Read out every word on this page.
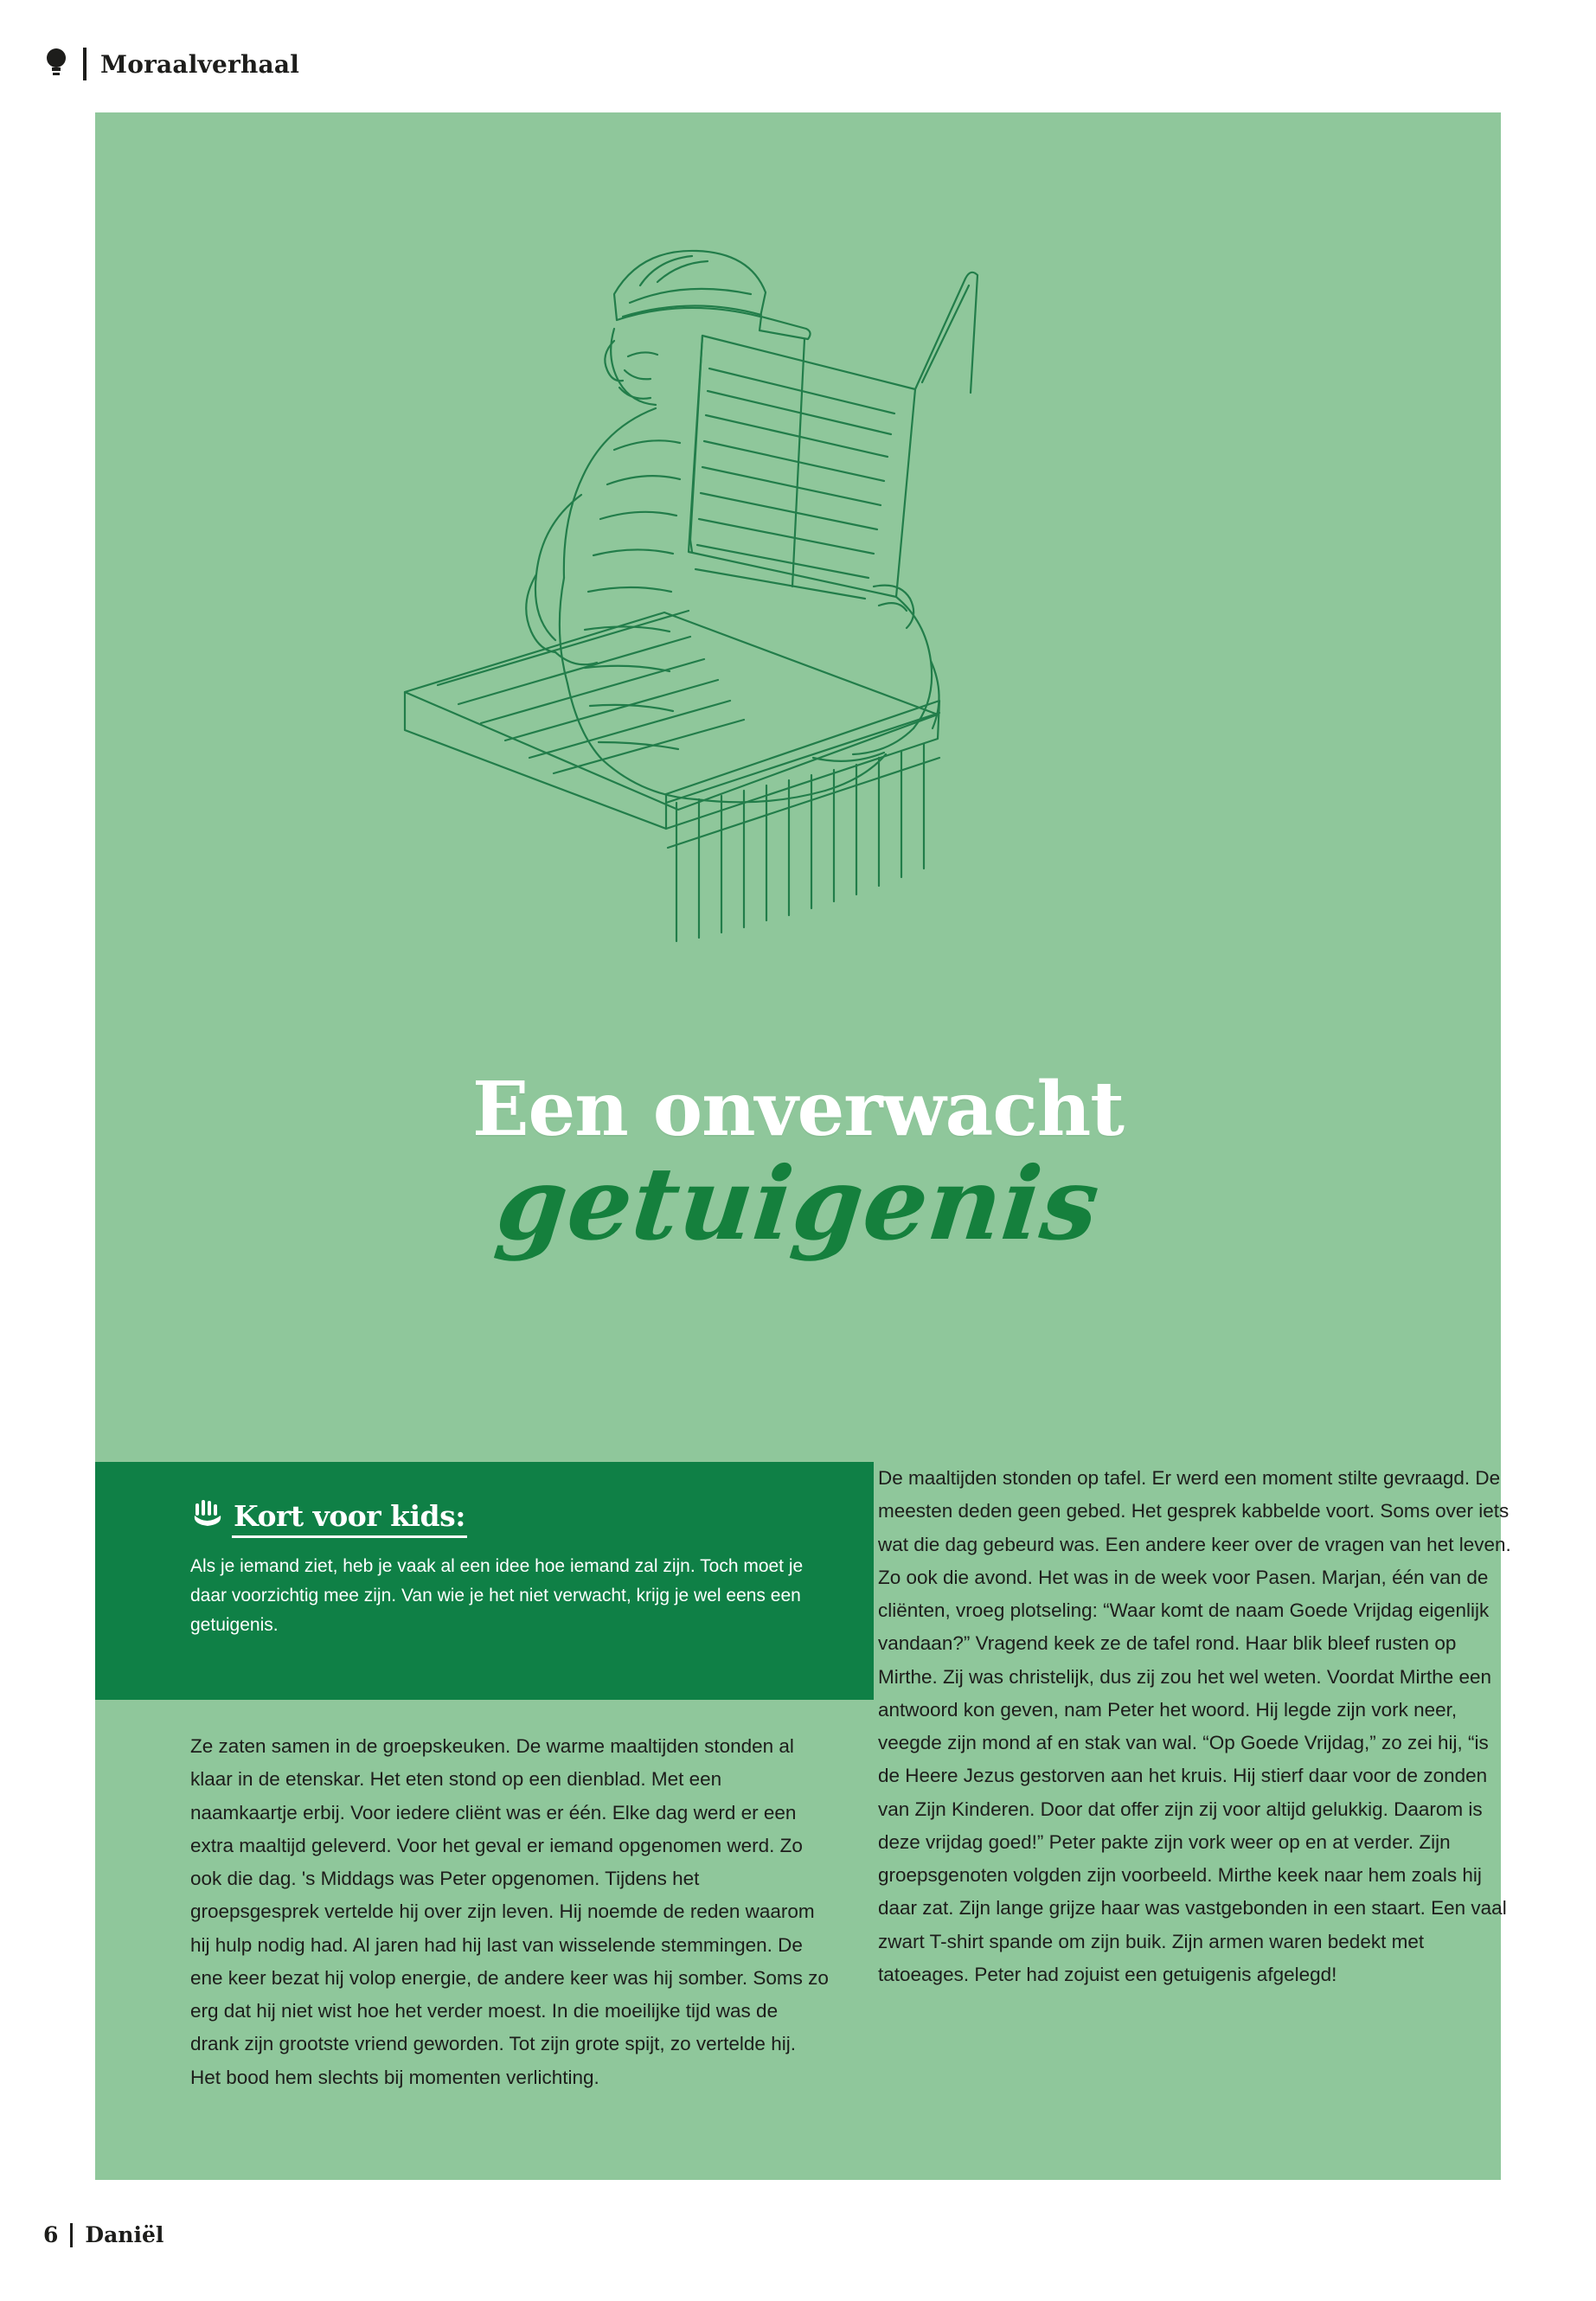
Moraalverhaal
Een onverwacht
getuigenis
Kort voor kids:
Als je iemand ziet, heb je vaak al een idee hoe iemand zal zijn. Toch moet je daar voorzichtig mee zijn. Van wie je het niet verwacht, krijg je wel eens een getuigenis.

Ze zaten samen in de groepskeuken. De warme maaltijden stonden al klaar in de etenskar. Het eten stond op een dienblad. Met een naamkaartje erbij. Voor iedere cliënt was er één. Elke dag werd er een extra maaltijd geleverd. Voor het geval er iemand opgenomen werd. Zo ook die dag. 's Middags was Peter opgenomen. Tijdens het groepsgesprek vertelde hij over zijn leven. Hij noemde de reden waarom hij hulp nodig had. Al jaren had hij last van wisselende stemmingen. De ene keer bezat hij volop energie, de andere keer was hij somber. Soms zo erg dat hij niet wist hoe het verder moest. In die moeilijke tijd was de drank zijn grootste vriend geworden. Tot zijn grote spijt, zo vertelde hij. Het bood hem slechts bij momenten verlichting.

De maaltijden stonden op tafel. Er werd een moment stilte gevraagd. De meesten deden geen gebed. Het gesprek kabbelde voort. Soms over iets wat die dag gebeurd was. Een andere keer over de vragen van het leven. Zo ook die avond. Het was in de week voor Pasen. Marjan, één van de cliënten, vroeg plotseling: “Waar komt de naam Goede Vrijdag eigenlijk vandaan?” Vragend keek ze de tafel rond. Haar blik bleef rusten op Mirthe. Zij was christelijk, dus zij zou het wel weten. Voordat Mirthe een antwoord kon geven, nam Peter het woord. Hij legde zijn vork neer, veegde zijn mond af en stak van wal. “Op Goede Vrijdag,” zo zei hij, “is de Heere Jezus gestorven aan het kruis. Hij stierf daar voor de zonden van Zijn Kinderen. Door dat offer zijn zij voor altijd gelukkig. Daarom is deze vrijdag goed!” Peter pakte zijn vork weer op en at verder. Zijn groepsgenoten volgden zijn voorbeeld. Mirthe keek naar hem zoals hij daar zat. Zijn lange grijze haar was vastgebonden in een staart. Een vaal zwart T-shirt spande om zijn buik. Zijn armen waren bedekt met tatoeages. Peter had zojuist een getuigenis afgelegd!

6 Daniël
